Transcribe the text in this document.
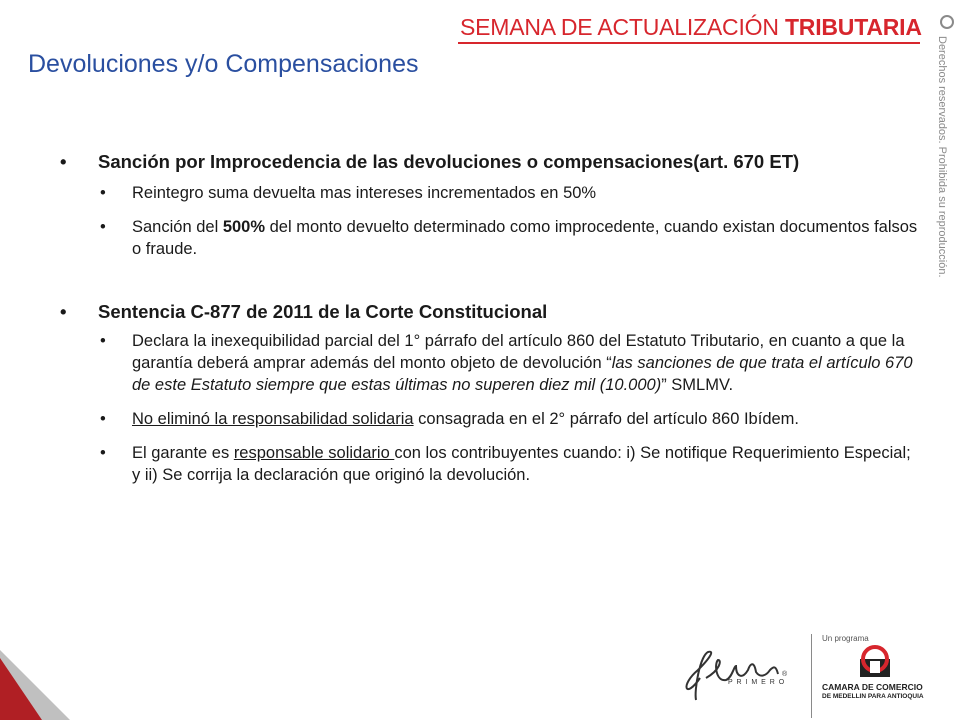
SEMANA DE ACTUALIZACIÓN TRIBUTARIA
Devoluciones y/o Compensaciones	Derechos reservados. Prohibida su reproducción.
• Sanción por Improcedencia de las devoluciones o compensaciones(art. 670 ET)
• Reintegro suma devuelta mas intereses incrementados en 50%
• Sanción del 500% del monto devuelto determinado como improcedente, cuando existan documentos falsos o fraude.
• Sentencia C-877 de 2011 de la Corte Constitucional
• Declara la inexequibilidad parcial del 1° párrafo del artículo 860 del Estatuto Tributario, en cuanto a que la garantía deberá amprar además del monto objeto de devolución “las sanciones de que trata el artículo 670 de este Estatuto siempre que estas últimas no superen diez mil (10.000)” SMLMV.
• No eliminó la responsabilidad solidaria consagrada en el 2° párrafo del artículo 860 Ibídem.
• El garante es responsable solidario con los contribuyentes cuando: i) Se notifique Requerimiento Especial; y ii) Se corrija la declaración que originó la devolución.
®
P R I M E R O
Un programa
CAMARA DE COMERCIO
DE MEDELLIN PARA ANTIOQUIA
